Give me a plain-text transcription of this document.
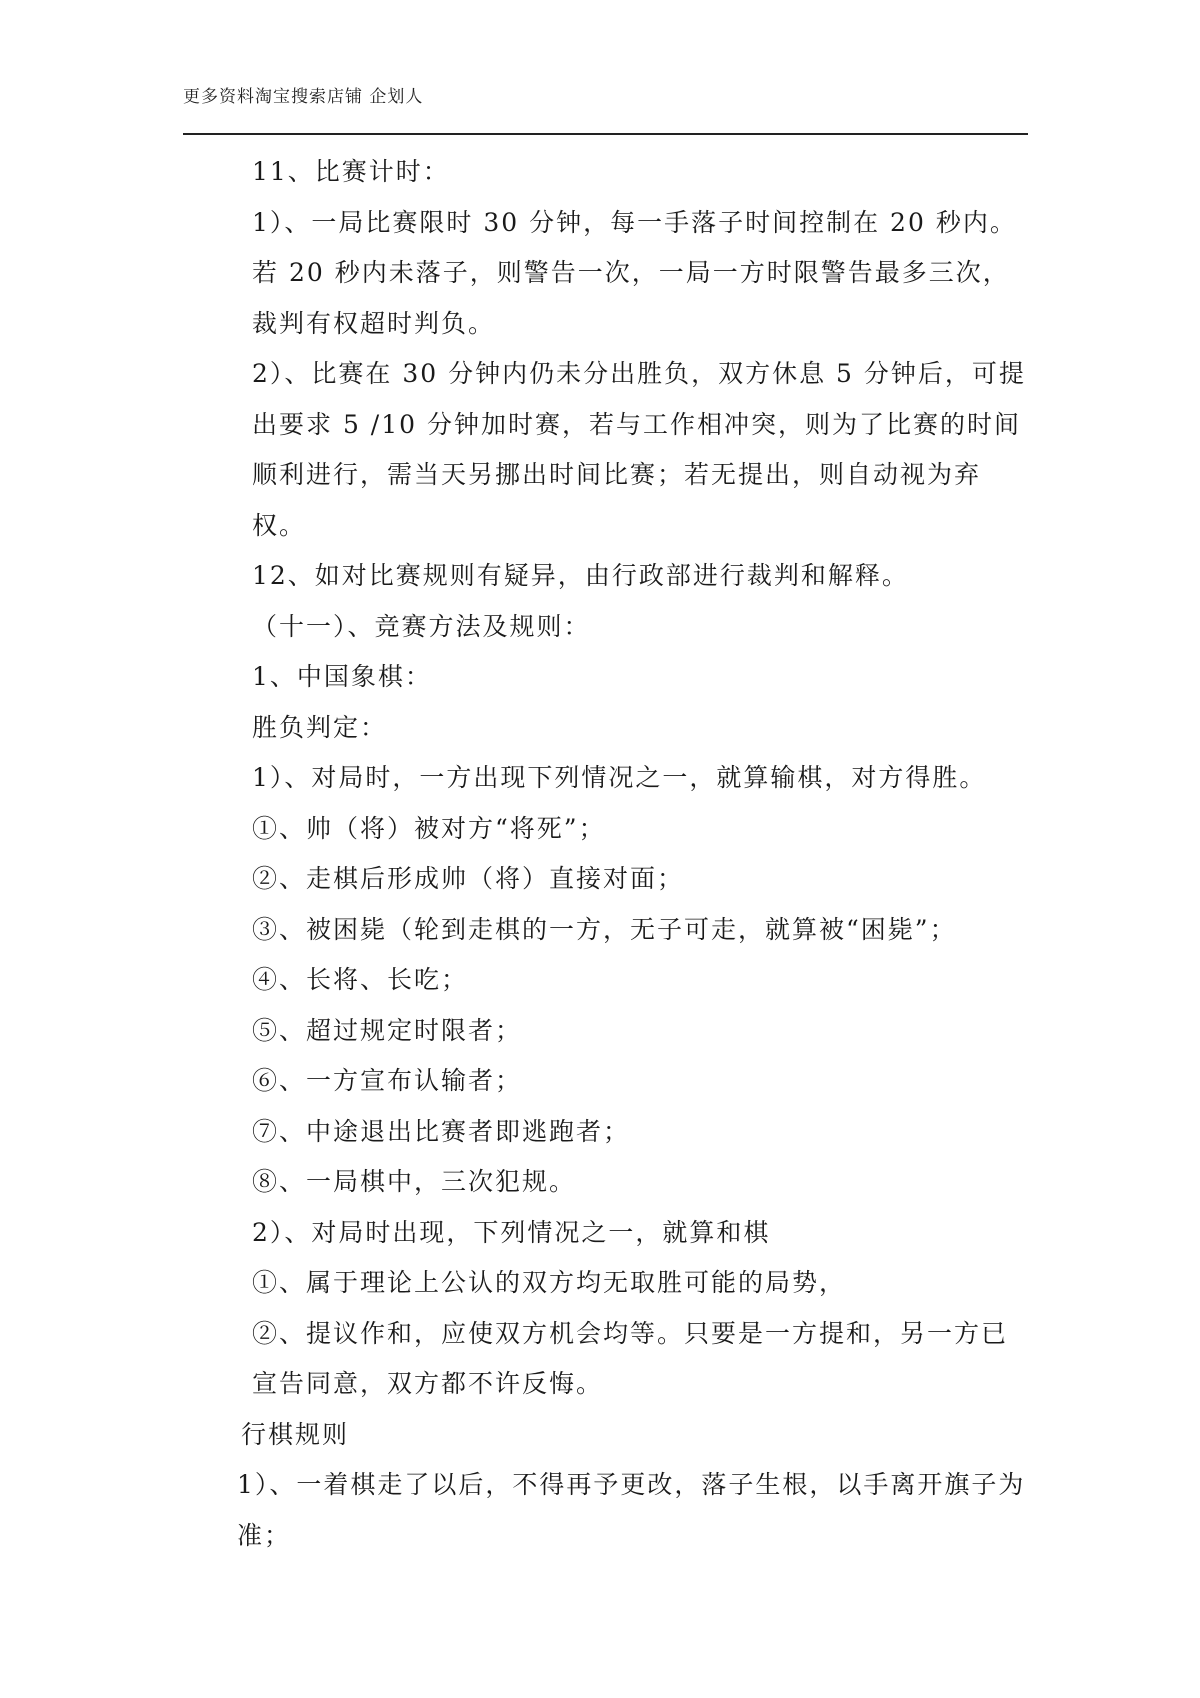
更多资料淘宝搜索店铺 企划人

11、比赛计时：

1）、一局比赛限时 30 分钟，每一手落子时间控制在 20 秒内。若 20 秒内未落子，则警告一次，一局一方时限警告最多三次，裁判有权超时判负。

2）、比赛在 30 分钟内仍未分出胜负，双方休息 5 分钟后，可提出要求 5 /10 分钟加时赛，若与工作相冲突，则为了比赛的时间顺利进行，需当天另挪出时间比赛；若无提出，则自动视为弃权。

12、如对比赛规则有疑异，由行政部进行裁判和解释。

（十一）、竞赛方法及规则：

1、中国象棋：

胜负判定：

1）、对局时，一方出现下列情况之一，就算输棋，对方得胜。

①、帅（将）被对方“将死”；

②、走棋后形成帅（将）直接对面；

③、被困毙（轮到走棋的一方，无子可走，就算被“困毙”；

④、长将、长吃；

⑤、超过规定时限者；

⑥、一方宣布认输者；

⑦、中途退出比赛者即逃跑者；

⑧、一局棋中，三次犯规。

2）、对局时出现，下列情况之一，就算和棋

①、属于理论上公认的双方均无取胜可能的局势，

②、提议作和，应使双方机会均等。只要是一方提和，另一方已宣告同意，双方都不许反悔。

行棋规则

1）、一着棋走了以后，不得再予更改，落子生根，以手离开旗子为准；
